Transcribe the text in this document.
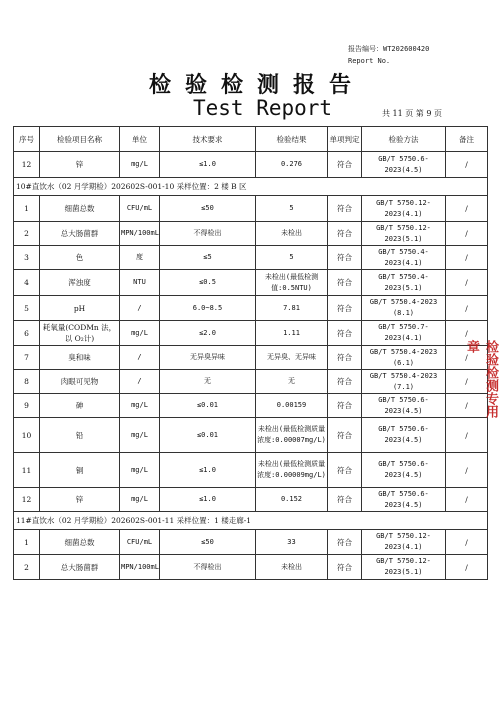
报告编号：WT202600420
Report No.
检验检测报告
Test Report	共 11 页 第 9 页
序号	检验项目名称	单位	技术要求	检验结果	单项判定	检验方法	备注
12	锌	mg/L	≤1.0	0.276	符合	GB/T 5750.6-2023(4.5)	/
10#直饮水（02 月学期检）202602S-001-10 采样位置：2 楼 B 区							
1	细菌总数	CFU/mL	≤50	5	符合	GB/T 5750.12-2023(4.1)	/
2	总大肠菌群	MPN/100mL	不得检出	未检出	符合	GB/T 5750.12-2023(5.1)	/
3	色	度	≤5	5	符合	GB/T 5750.4-2023(4.1)	/
4	浑浊度	NTU	≤0.5	未检出(最低检测值:0.5NTU)	符合	GB/T 5750.4-2023(5.1)	/
5	pH	/	6.0~8.5	7.81	符合	GB/T 5750.4-2023 (8.1)	/
6	耗氧量(CODMn 法，以 O₂计)	mg/L	≤2.0	1.11	符合	GB/T 5750.7-2023(4.1)	/
7	臭和味	/	无异臭异味	无异臭、无异味	符合	GB/T 5750.4-2023 (6.1)	/
8	肉眼可见物	/	无	无	符合	GB/T 5750.4-2023 (7.1)	/
9	砷	mg/L	≤0.01	0.00159	符合	GB/T 5750.6-2023(4.5)	/
10	铅	mg/L	≤0.01	未检出(最低检测质量浓度:0.00007mg/L)	符合	GB/T 5750.6-2023(4.5)	/
11	铜	mg/L	≤1.0	未检出(最低检测质量浓度:0.00009mg/L)	符合	GB/T 5750.6-2023(4.5)	/
12	锌	mg/L	≤1.0	0.152	符合	GB/T 5750.6-2023(4.5)	/
11#直饮水（02 月学期检）202602S-001-11 采样位置：1 楼走廊-1							
1	细菌总数	CFU/mL	≤50	33	符合	GB/T 5750.12-2023(4.1)	/
2	总大肠菌群	MPN/100mL	不得检出	未检出	符合	GB/T 5750.12-2023(5.1)	/
检验检测专用章
